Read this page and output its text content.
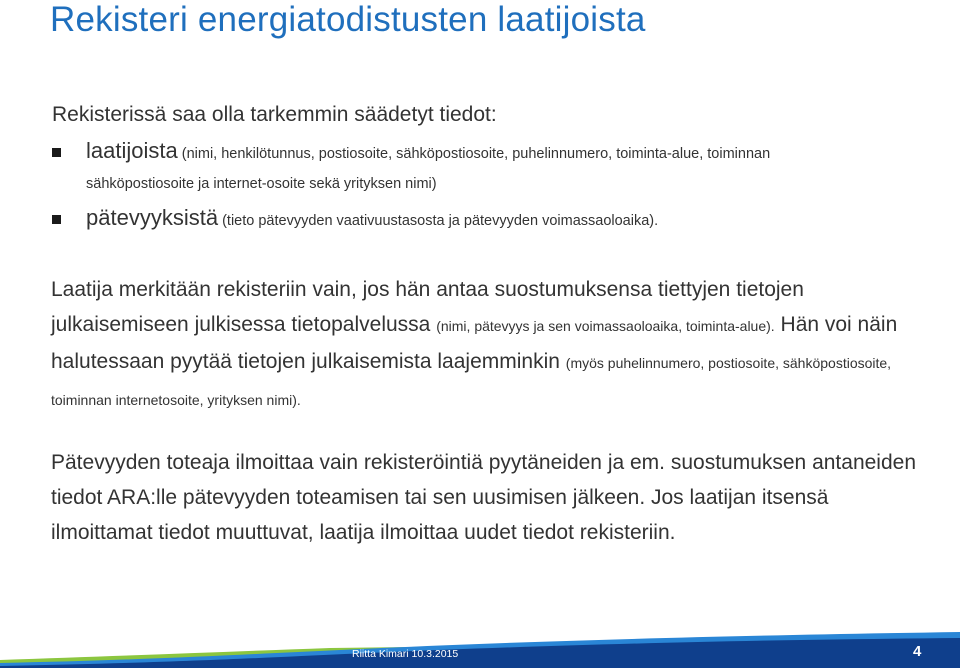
Rekisteri energiatodistusten laatijoista
Rekisterissä saa olla tarkemmin säädetyt tiedot:
laatijoista (nimi, henkilötunnus, postiosoite, sähköpostiosoite, puhelinnumero, toiminta-alue, toiminnan
sähköpostiosoite ja internet-osoite sekä yrityksen nimi)
pätevyyksistä (tieto pätevyyden vaativuustasosta ja pätevyyden voimassaoloaika).
Laatija merkitään rekisteriin vain, jos hän antaa suostumuksensa tiettyjen tietojen julkaisemiseen julkisessa tietopalvelussa (nimi, pätevyys ja sen voimassaoloaika, toiminta-alue). Hän voi näin halutessaan pyytää tietojen julkaisemista laajemminkin (myös puhelinnumero, postiosoite, sähköpostiosoite, toiminnan internetosoite, yrityksen nimi).
Pätevyyden toteaja ilmoittaa vain rekisteröintiä pyytäneiden ja em. suostumuksen antaneiden tiedot ARA:lle pätevyyden toteamisen tai sen uusimisen jälkeen. Jos laatijan itsensä ilmoittamat tiedot muuttuvat, laatija ilmoittaa uudet tiedot rekisteriin.
Riitta Kimari 10.3.2015	4
